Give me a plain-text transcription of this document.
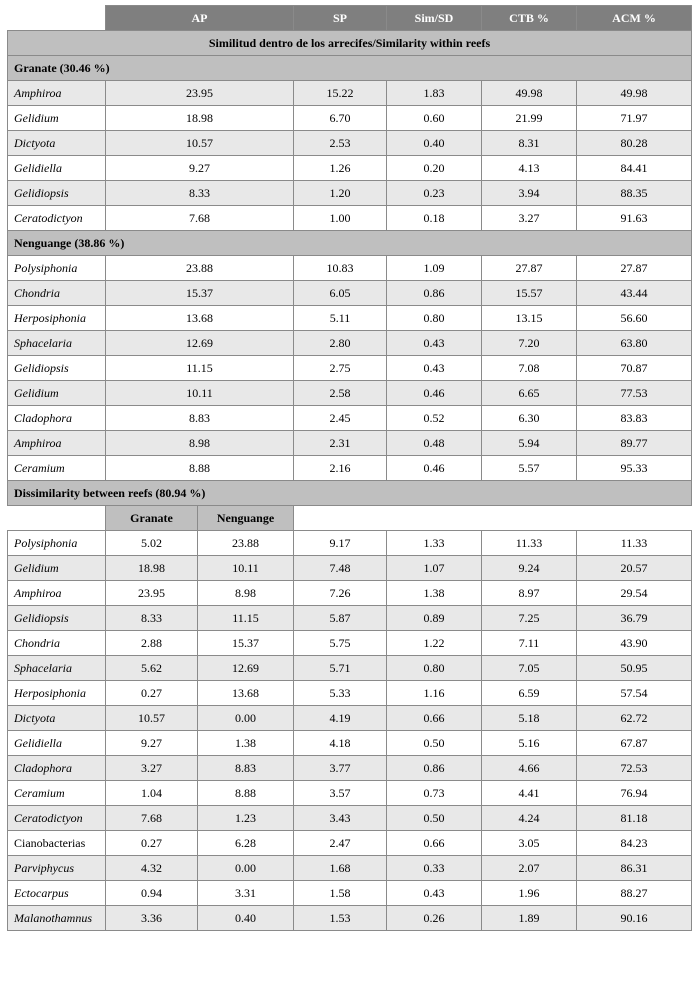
	AP		SP	Sim/SD	CTB %	ACM %
Similitud dentro de los arrecifes/Similarity within reefs						
Granate (30.46 %)						
Amphiroa	23.95		15.22	1.83	49.98	49.98
Gelidium	18.98		6.70	0.60	21.99	71.97
Dictyota	10.57		2.53	0.40	8.31	80.28
Gelidiella	9.27		1.26	0.20	4.13	84.41
Gelidiopsis	8.33		1.20	0.23	3.94	88.35
Ceratodictyon	7.68		1.00	0.18	3.27	91.63
Nenguange (38.86 %)						
Polysiphonia	23.88		10.83	1.09	27.87	27.87
Chondria	15.37		6.05	0.86	15.57	43.44
Herposiphonia	13.68		5.11	0.80	13.15	56.60
Sphacelaria	12.69		2.80	0.43	7.20	63.80
Gelidiopsis	11.15		2.75	0.43	7.08	70.87
Gelidium	10.11		2.58	0.46	6.65	77.53
Cladophora	8.83		2.45	0.52	6.30	83.83
Amphiroa	8.98		2.31	0.48	5.94	89.77
Ceramium	8.88		2.16	0.46	5.57	95.33
Dissimilarity between reefs (80.94 %)						
	Granate	Nenguange				
Polysiphonia	5.02	23.88	9.17	1.33	11.33	11.33
Gelidium	18.98	10.11	7.48	1.07	9.24	20.57
Amphiroa	23.95	8.98	7.26	1.38	8.97	29.54
Gelidiopsis	8.33	11.15	5.87	0.89	7.25	36.79
Chondria	2.88	15.37	5.75	1.22	7.11	43.90
Sphacelaria	5.62	12.69	5.71	0.80	7.05	50.95
Herposiphonia	0.27	13.68	5.33	1.16	6.59	57.54
Dictyota	10.57	0.00	4.19	0.66	5.18	62.72
Gelidiella	9.27	1.38	4.18	0.50	5.16	67.87
Cladophora	3.27	8.83	3.77	0.86	4.66	72.53
Ceramium	1.04	8.88	3.57	0.73	4.41	76.94
Ceratodictyon	7.68	1.23	3.43	0.50	4.24	81.18
Cianobacterias	0.27	6.28	2.47	0.66	3.05	84.23
Parviphycus	4.32	0.00	1.68	0.33	2.07	86.31
Ectocarpus	0.94	3.31	1.58	0.43	1.96	88.27
Malanothamnus	3.36	0.40	1.53	0.26	1.89	90.16
